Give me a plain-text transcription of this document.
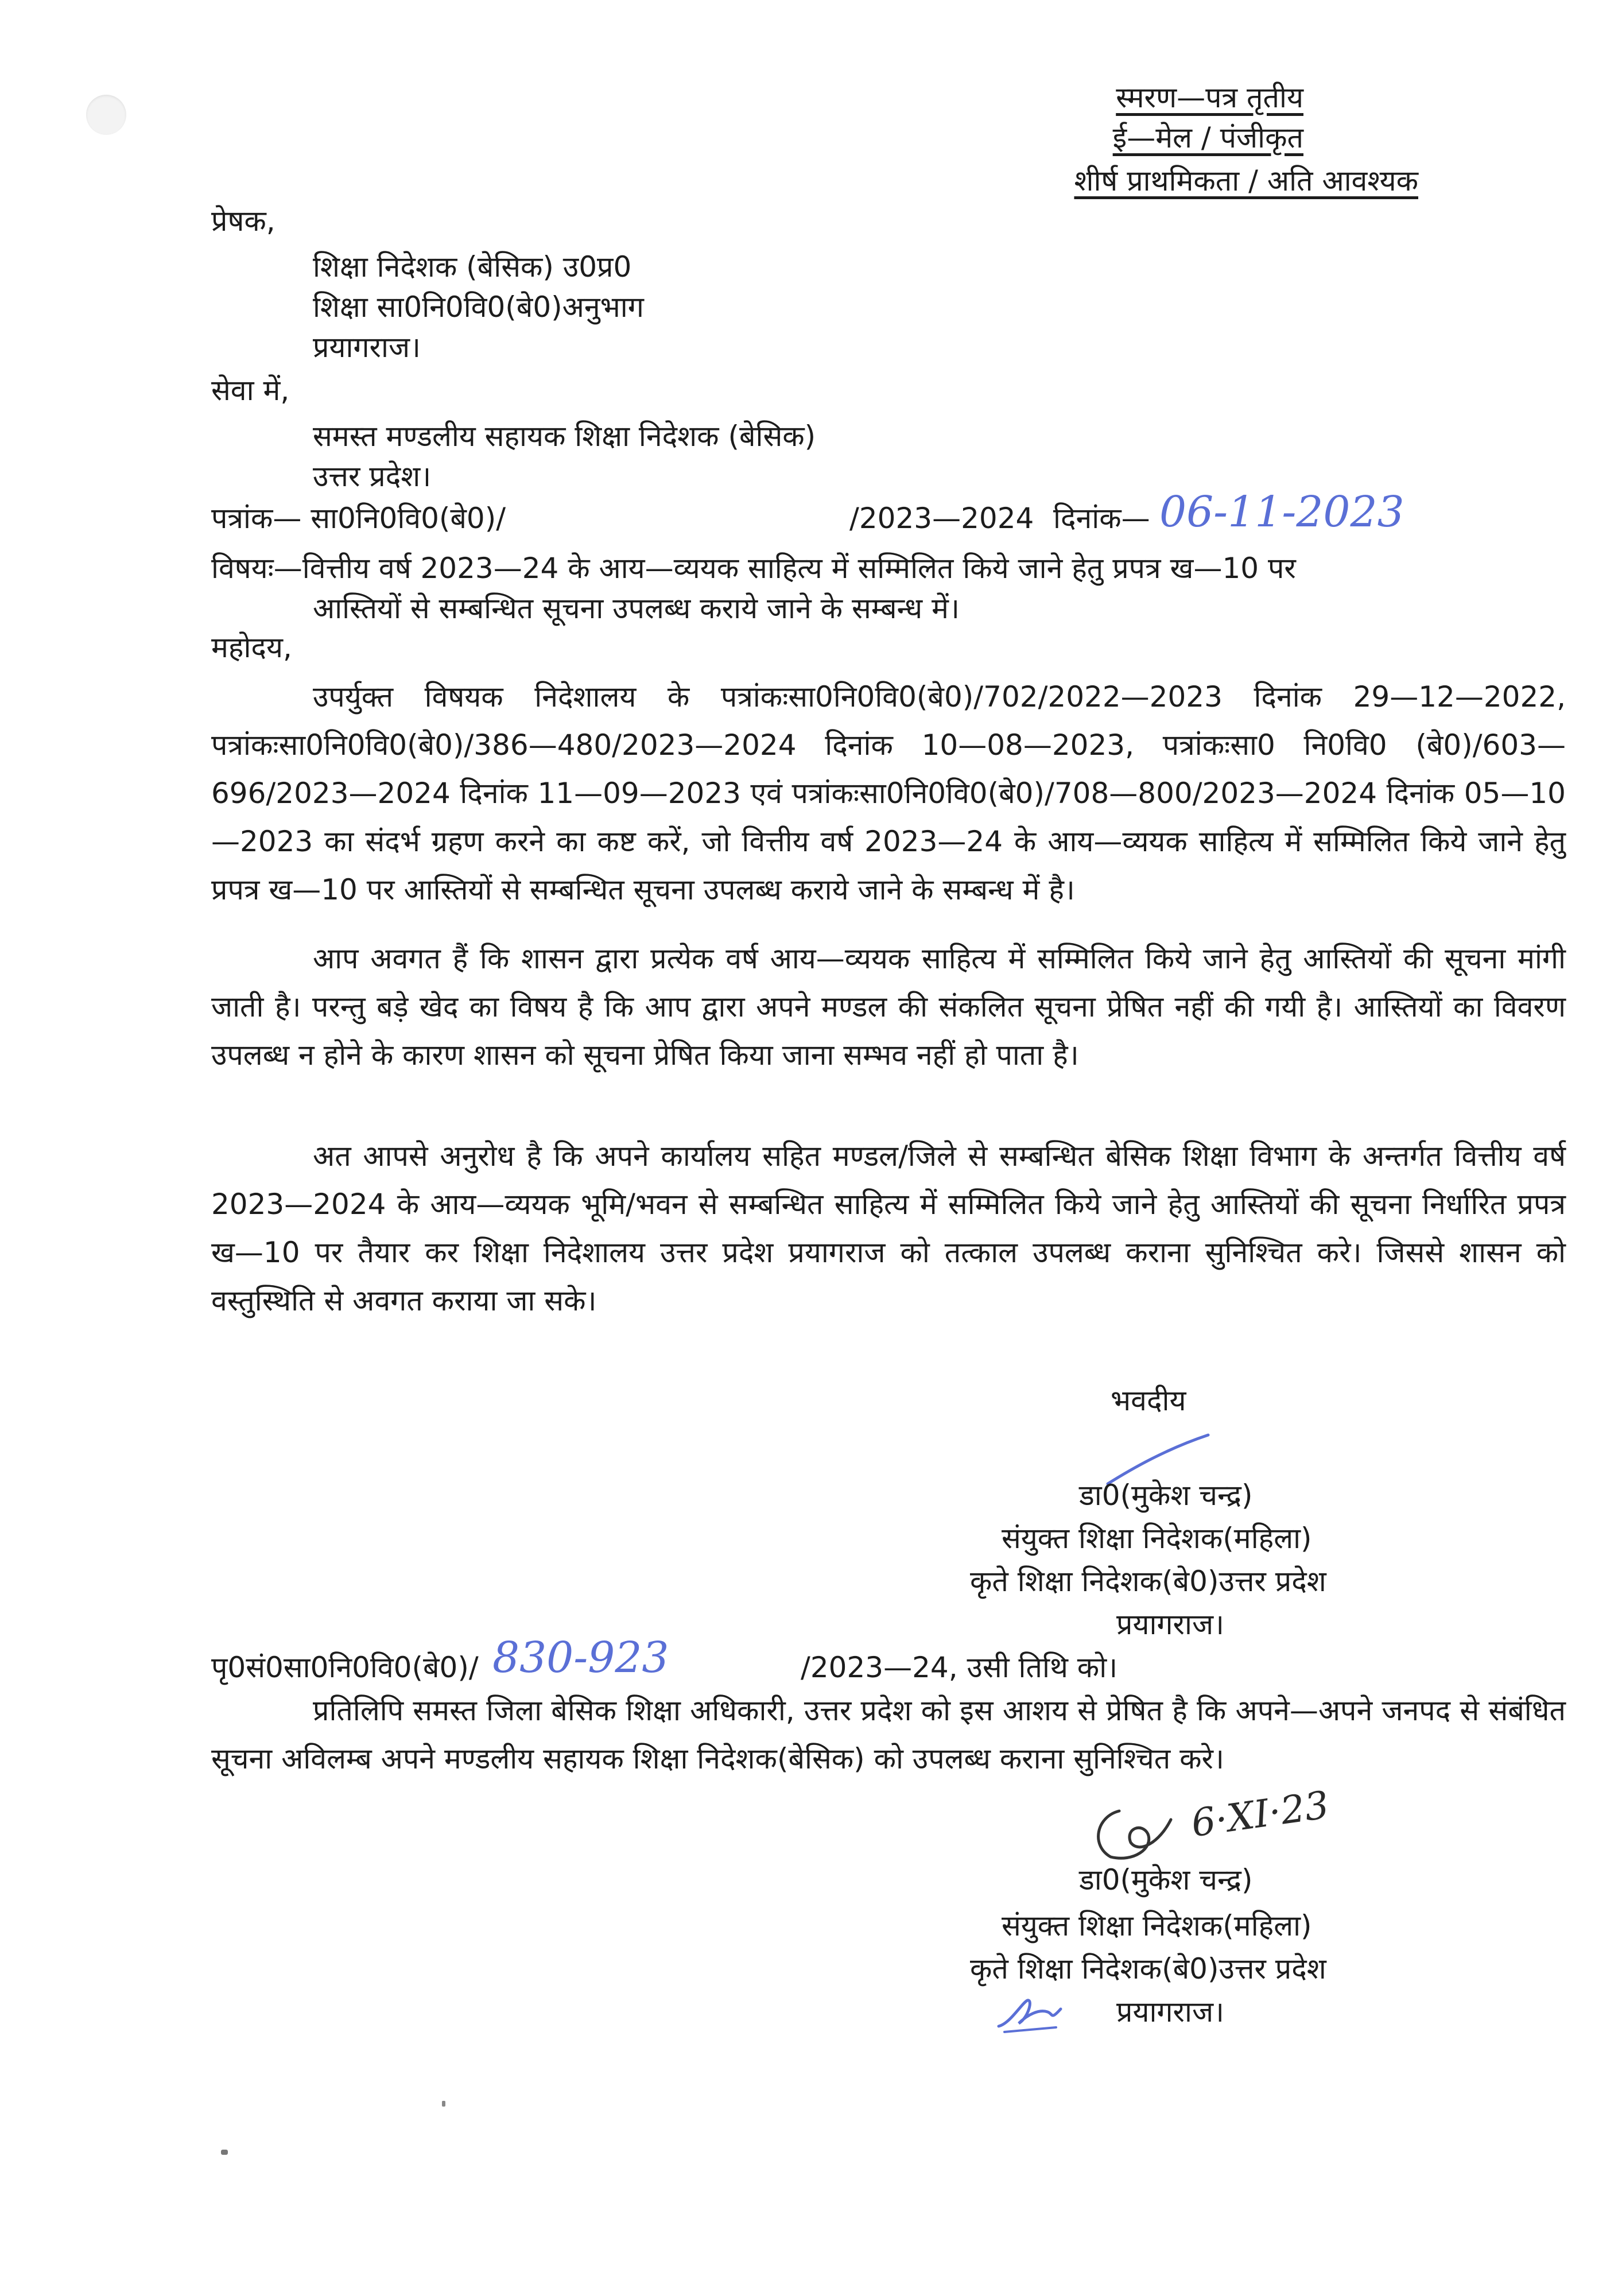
स्मरण—पत्र तृतीय
ई—मेल / पंजीकृत
शीर्ष प्राथमिकता / अति आवश्यक
प्रेषक,
शिक्षा निदेशक (बेसिक) उ0प्र0
शिक्षा सा0नि0वि0(बे0)अनुभाग
प्रयागराज।
सेवा में,
समस्त मण्डलीय सहायक शिक्षा निदेशक (बेसिक)
उत्तर प्रदेश।
पत्रांक— सा0नि0वि0(बे0)/	/2023—2024 दिनांक— 06-11-2023
विषयः—वित्तीय वर्ष 2023—24 के आय—व्ययक साहित्य में सम्मिलित किये जाने हेतु प्रपत्र ख—10 पर
आस्तियों से सम्बन्धित सूचना उपलब्ध कराये जाने के सम्बन्ध में।
महोदय,
उपर्युक्त विषयक निदेशालय के पत्रांकःसा0नि0वि0(बे0)/702/2022—2023 दिनांक 29—12—2022, पत्रांकःसा0नि0वि0(बे0)/386—480/2023—2024 दिनांक 10—08—2023, पत्रांकःसा0 नि0वि0 (बे0)/603—696/2023—2024 दिनांक 11—09—2023 एवं पत्रांकःसा0नि0वि0(बे0)/708—800/2023—2024 दिनांक 05—10—2023 का संदर्भ ग्रहण करने का कष्ट करें, जो वित्तीय वर्ष 2023—24 के आय—व्ययक साहित्य में सम्मिलित किये जाने हेतु प्रपत्र ख—10 पर आस्तियों से सम्बन्धित सूचना उपलब्ध कराये जाने के सम्बन्ध में है।
आप अवगत हैं कि शासन द्वारा प्रत्येक वर्ष आय—व्ययक साहित्य में सम्मिलित किये जाने हेतु आस्तियों की सूचना मांगी जाती है। परन्तु बड़े खेद का विषय है कि आप द्वारा अपने मण्डल की संकलित सूचना प्रेषित नहीं की गयी है। आस्तियों का विवरण उपलब्ध न होने के कारण शासन को सूचना प्रेषित किया जाना सम्भव नहीं हो पाता है।
अत आपसे अनुरोध है कि अपने कार्यालय सहित मण्डल/जिले से सम्बन्धित बेसिक शिक्षा विभाग के अन्तर्गत वित्तीय वर्ष 2023—2024 के आय—व्ययक भूमि/भवन से सम्बन्धित साहित्य में सम्मिलित किये जाने हेतु आस्तियों की सूचना निर्धारित प्रपत्र ख—10 पर तैयार कर शिक्षा निदेशालय उत्तर प्रदेश प्रयागराज को तत्काल उपलब्ध कराना सुनिश्चित करे। जिससे शासन को वस्तुस्थिति से अवगत कराया जा सके।
भवदीय
डा0(मुकेश चन्द्र)
संयुक्त शिक्षा निदेशक(महिला)
कृते शिक्षा निदेशक(बे0)उत्तर प्रदेश
प्रयागराज।
पृ0सं0सा0नि0वि0(बे0)/ 830-923	/2023—24, उसी तिथि को।
प्रतिलिपि समस्त जिला बेसिक शिक्षा अधिकारी, उत्तर प्रदेश को इस आशय से प्रेषित है कि अपने—अपने जनपद से संबंधित सूचना अविलम्ब अपने मण्डलीय सहायक शिक्षा निदेशक(बेसिक) को उपलब्ध कराना सुनिश्चित करे।
6·XI·23
डा0(मुकेश चन्द्र)
संयुक्त शिक्षा निदेशक(महिला)
कृते शिक्षा निदेशक(बे0)उत्तर प्रदेश
प्रयागराज।
